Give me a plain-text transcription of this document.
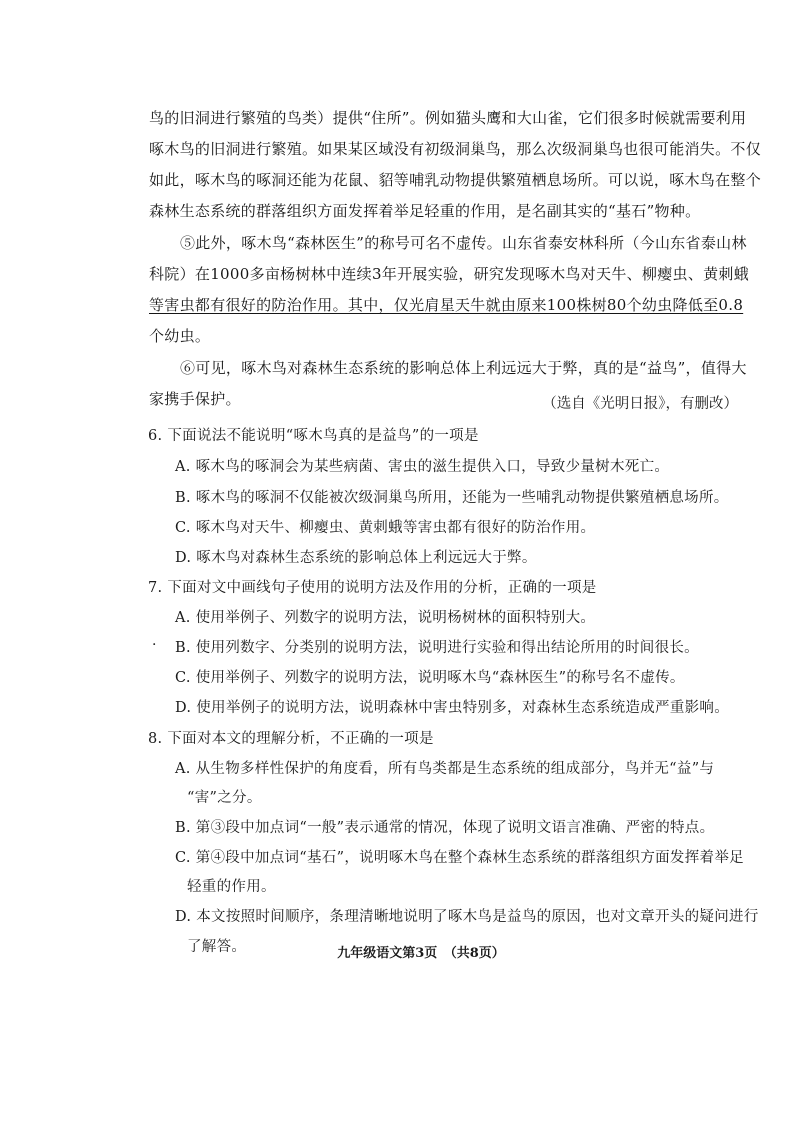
鸟的旧洞进行繁殖的鸟类）提供“住所”。例如猫头鹰和大山雀，它们很多时候就需要利用
啄木鸟的旧洞进行繁殖。如果某区域没有初级洞巢鸟，那么次级洞巢鸟也很可能消失。不仅
如此，啄木鸟的啄洞还能为花鼠、貂等哺乳动物提供繁殖栖息场所。可以说，啄木鸟在整个
森林生态系统的群落组织方面发挥着举足轻重的作用，是名副其实的“基石”物种。
⑤此外，啄木鸟“森林医生”的称号可名不虚传。山东省泰安林科所（今山东省泰山林
科院）在1000多亩杨树林中连续3年开展实验，研究发现啄木鸟对天牛、柳瘿虫、黄刺蛾
等害虫都有很好的防治作用。其中，仅光肩星天牛就由原来100株树80个幼虫降低至0.8
个幼虫。
⑥可见，啄木鸟对森林生态系统的影响总体上利远远大于弊，真的是“益鸟”，值得大
家携手保护。	（选自《光明日报》，有删改）
6. 下面说法不能说明“啄木鸟真的是益鸟”的一项是
A. 啄木鸟的啄洞会为某些病菌、害虫的滋生提供入口，导致少量树木死亡。
B. 啄木鸟的啄洞不仅能被次级洞巢鸟所用，还能为一些哺乳动物提供繁殖栖息场所。
C. 啄木鸟对天牛、柳瘿虫、黄刺蛾等害虫都有很好的防治作用。
D. 啄木鸟对森林生态系统的影响总体上利远远大于弊。
7. 下面对文中画线句子使用的说明方法及作用的分析，正确的一项是
A. 使用举例子、列数字的说明方法，说明杨树林的面积特别大。
B. 使用列数字、分类别的说明方法，说明进行实验和得出结论所用的时间很长。
C. 使用举例子、列数字的说明方法，说明啄木鸟“森林医生”的称号名不虚传。
D. 使用举例子的说明方法，说明森林中害虫特别多，对森林生态系统造成严重影响。
·
8. 下面对本文的理解分析，不正确的一项是
A. 从生物多样性保护的角度看，所有鸟类都是生态系统的组成部分，鸟并无“益”与
“害”之分。
B. 第③段中加点词“一般”表示通常的情况，体现了说明文语言准确、严密的特点。
C. 第④段中加点词“基石”，说明啄木鸟在整个森林生态系统的群落组织方面发挥着举足
轻重的作用。
D. 本文按照时间顺序，条理清晰地说明了啄木鸟是益鸟的原因，也对文章开头的疑问进行
了解答。	九年级语文第3页　（共8页）
